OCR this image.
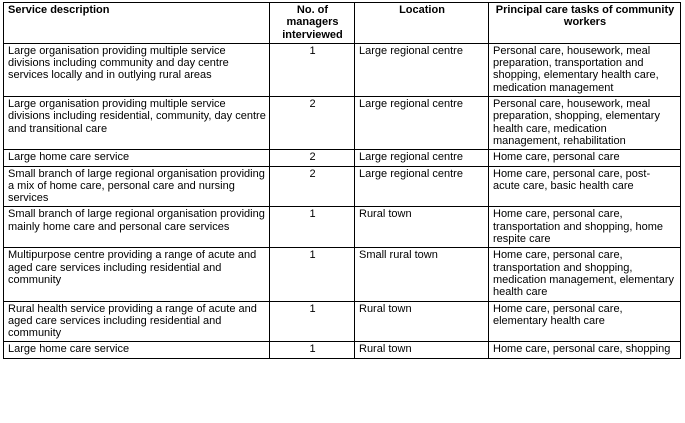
Service description	No. of managers interviewed	Location	Principal care tasks of community workers
Large organisation providing multiple service divisions including community and day centre services locally and in outlying rural areas	1	Large regional centre	Personal care, housework, meal preparation, transportation and shopping, elementary health care, medication management
Large organisation providing multiple service divisions including residential, community, day centre and transitional care	2	Large regional centre	Personal care, housework, meal preparation, shopping, elementary health care, medication management, rehabilitation
Large home care service	2	Large regional centre	Home care, personal care
Small branch of large regional organisation providing a mix of home care, personal care and nursing services	2	Large regional centre	Home care, personal care, post-acute care, basic health care
Small branch of large regional organisation providing mainly home care and personal care services	1	Rural town	Home care, personal care, transportation and shopping, home respite care
Multipurpose centre providing a range of acute and aged care services including residential and community	1	Small rural town	Home care, personal care, transportation and shopping, medication management, elementary health care
Rural health service providing a range of acute and aged care services including residential and community	1	Rural town	Home care, personal care, elementary health care
Large home care service	1	Rural town	Home care, personal care, shopping
